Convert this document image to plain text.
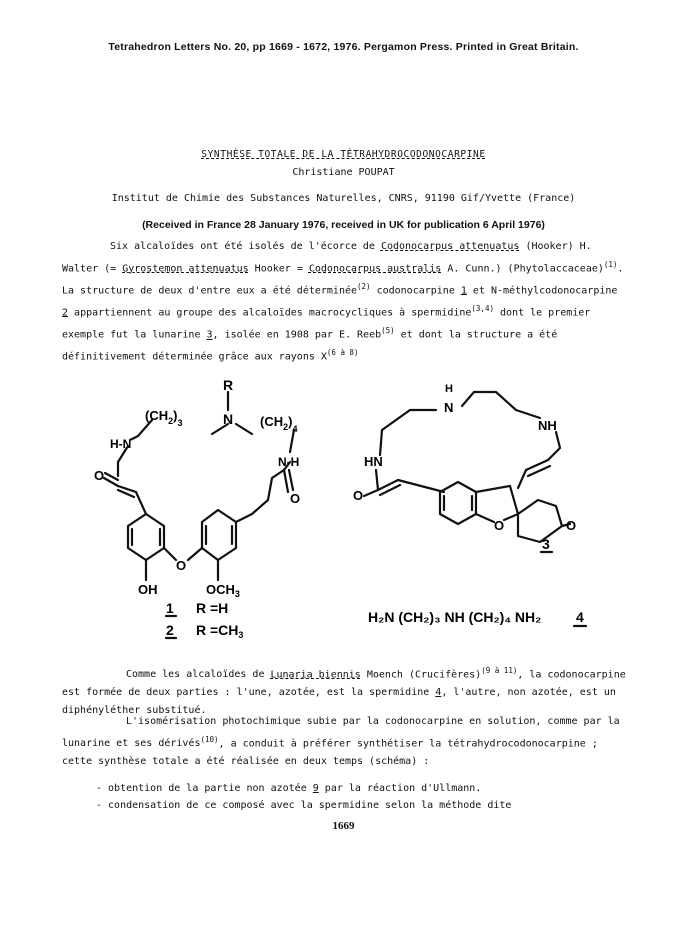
Tetrahedron Letters No. 20, pp 1669 - 1672, 1976. Pergamon Press. Printed in Great Britain.
SYNTHÈSE TOTALE DE LA TÉTRAHYDROCODONOCARPINE
Christiane POUPAT
Institut de Chimie des Substances Naturelles, CNRS, 91190 Gif/Yvette (France)
(Received in France 28 January 1976, received in UK for publication 6 April 1976)
Six alcaloïdes ont été isolés de l'écorce de Codonocarpus attenuatus (Hooker) H. Walter (= Gyrostemon attenuatus Hooker = Codonocarpus australis A. Cunn.) (Phytolaccaceae)$^{(1)}$. La structure de deux d'entre eux a été déterminée$^{(2)}$ codonocarpine 1 et N-méthylcodonocarpine 2 appartiennent au groupe des alcaloïdes macrocycliques à spermidine$^{(3,4)}$ dont le premier exemple fut la lunarine 3, isolée en 1908 par E. Reeb$^{(5)}$ et dont la structure a été définitivement déterminée grâce aux rayons $X^{(6 à 8)}$
R
N
$(CH_2)_3$	$(CH_2)_4$
H-N
N-H
O
O
OH
O
$OCH_3$
1 R =H
2 $R =CH_3$
H
N
NH
HN
O
O	O
3
H₂N (CH₂)₃ NH (CH₂)₄ NH₂ 4
Comme les alcaloïdes de Lunaria biennis Moench (Crucifères)$^{(9 à 11)}$, la codonocarpine est formée de deux parties : l'une, azotée, est la spermidine 4, l'autre, non azotée, est un diphényléther substitué.
L'isomérisation photochimique subie par la codonocarpine en solution, comme par la lunarine et ses dérivés$^{(10)}$, a conduit à préférer synthétiser la tétrahydrocodonocarpine ; cette synthèse totale a été réalisée en deux temps (schéma) :
- obtention de la partie non azotée 9 par la réaction d'Ullmann.
- condensation de ce composé avec la spermidine selon la méthode dite
1669
